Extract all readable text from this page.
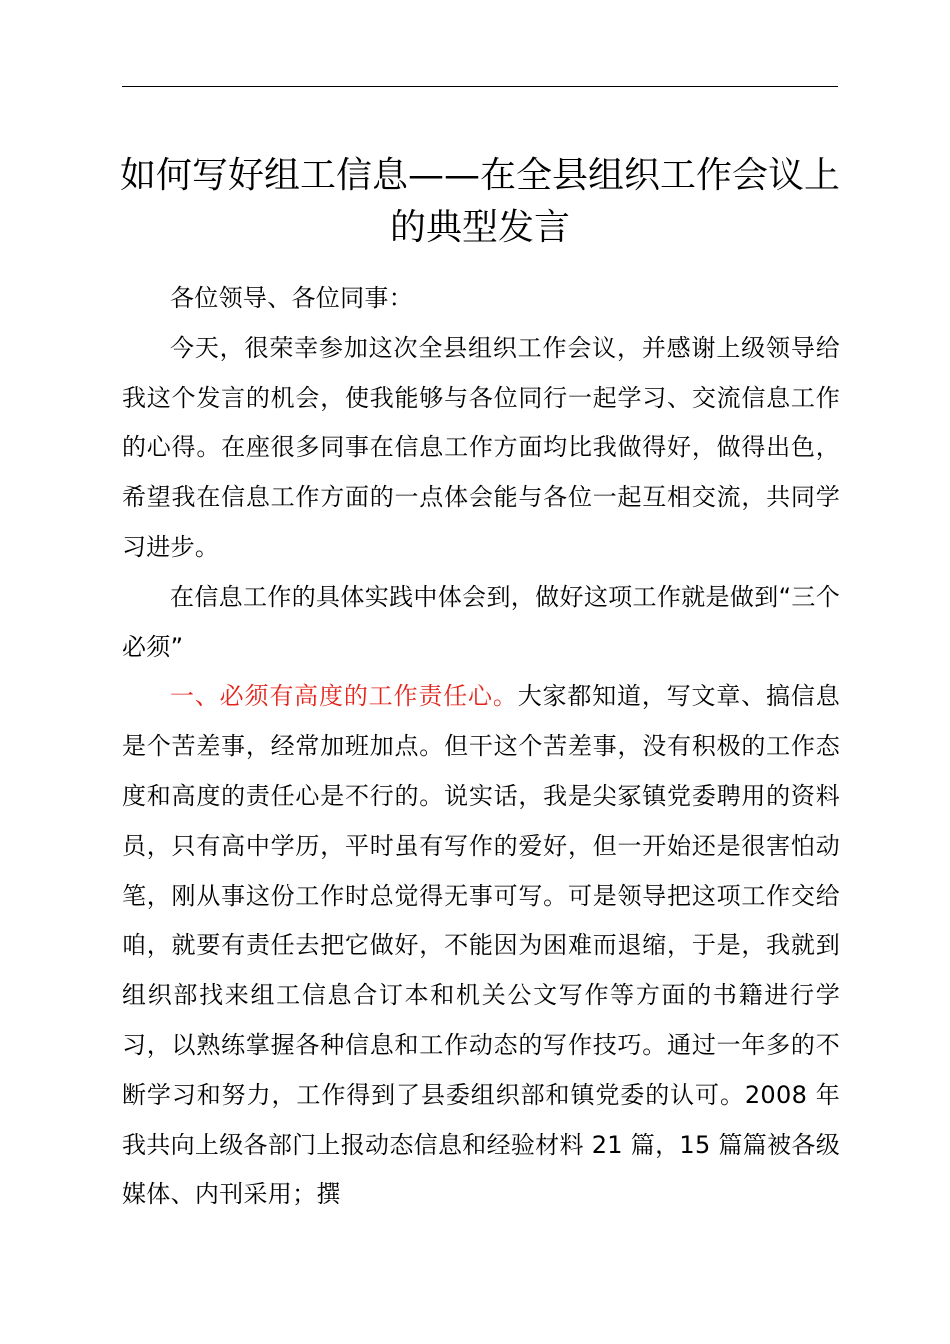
如何写好组工信息——在全县组织工作会议上
的典型发言

各位领导、各位同事：

今天，很荣幸参加这次全县组织工作会议，并感谢上级领导给我这个发言的机会，使我能够与各位同行一起学习、交流信息工作的心得。在座很多同事在信息工作方面均比我做得好，做得出色，希望我在信息工作方面的一点体会能与各位一起互相交流，共同学习进步。

在信息工作的具体实践中体会到，做好这项工作就是做到“三个必须”

一、必须有高度的工作责任心。大家都知道，写文章、搞信息是个苦差事，经常加班加点。但干这个苦差事，没有积极的工作态度和高度的责任心是不行的。说实话，我是尖冢镇党委聘用的资料员，只有高中学历，平时虽有写作的爱好，但一开始还是很害怕动笔，刚从事这份工作时总觉得无事可写。可是领导把这项工作交给咱，就要有责任去把它做好，不能因为困难而退缩，于是，我就到组织部找来组工信息合订本和机关公文写作等方面的书籍进行学习，以熟练掌握各种信息和工作动态的写作技巧。通过一年多的不断学习和努力，工作得到了县委组织部和镇党委的认可。2008 年我共向上级各部门上报动态信息和经验材料 21 篇，15 篇篇被各级媒体、内刊采用；撰
